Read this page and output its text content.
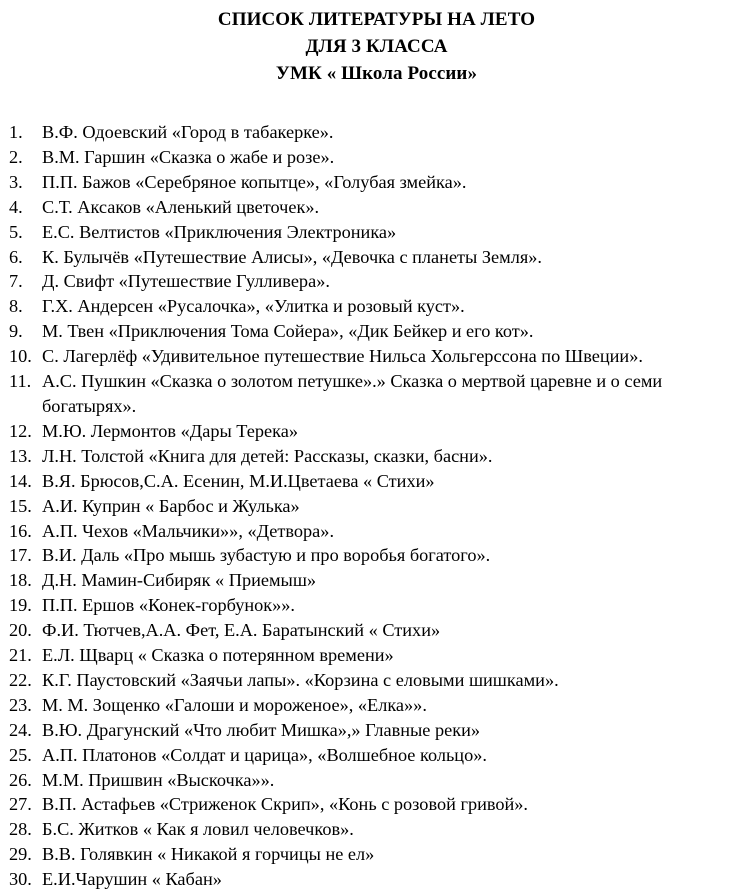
СПИСОК ЛИТЕРАТУРЫ НА ЛЕТО
ДЛЯ 3 КЛАССА
УМК « Школа России»
1. В.Ф. Одоевский «Город в табакерке».
2. В.М. Гаршин «Сказка о жабе и розе».
3. П.П. Бажов «Серебряное копытце», «Голубая змейка».
4. С.Т. Аксаков «Аленький цветочек».
5. Е.С. Велтистов «Приключения Электроника»
6. К. Булычёв «Путешествие Алисы», «Девочка с планеты Земля».
7. Д. Свифт «Путешествие Гулливера».
8. Г.Х. Андерсен «Русалочка», «Улитка и розовый куст».
9. М. Твен «Приключения Тома Сойера», «Дик Бейкер и его кот».
10. С. Лагерлёф «Удивительное путешествие Нильса Хольгерссона по Швеции».
11. А.С. Пушкин «Сказка о золотом петушке».» Сказка о мертвой царевне и о семи богатырях».
12. М.Ю. Лермонтов «Дары Терека»
13. Л.Н. Толстой «Книга для детей: Рассказы, сказки, басни».
14. В.Я. Брюсов,С.А. Есенин, М.И.Цветаева « Стихи»
15. А.И. Куприн « Барбос и Жулька»
16. А.П. Чехов «Мальчики»», «Детвора».
17. В.И. Даль «Про мышь зубастую и про воробья богатого».
18. Д.Н. Мамин-Сибиряк « Приемыш»
19. П.П. Ершов «Конек-горбунок»».
20. Ф.И. Тютчев,А.А. Фет, Е.А. Баратынский « Стихи»
21. Е.Л. Щварц « Сказка о потерянном времени»
22. К.Г. Паустовский «Заячьи лапы». «Корзина с еловыми шишками».
23. М. М. Зощенко «Галоши и мороженое», «Елка»».
24. В.Ю. Драгунский «Что любит Мишка»,» Главные реки»
25. А.П. Платонов «Солдат и царица», «Волшебное кольцо».
26. М.М. Пришвин «Выскочка»».
27. В.П. Астафьев «Стриженок Скрип», «Конь с розовой гривой».
28. Б.С. Житков « Как я ловил человечков».
29. В.В. Голявкин « Никакой я горчицы не ел»
30. Е.И.Чарушин « Кабан»
